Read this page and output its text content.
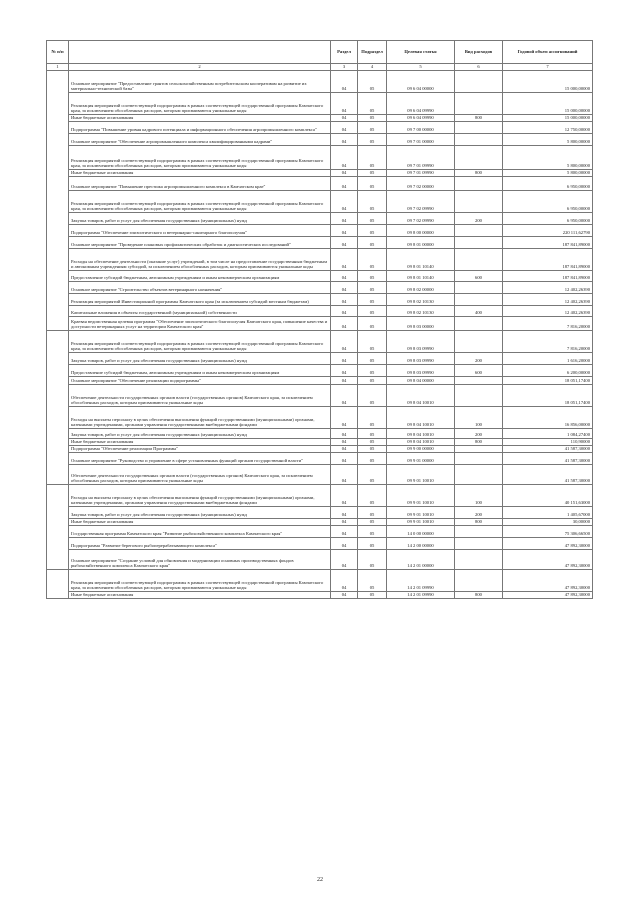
№ п/п		Раздел	Подраздел	Целевая статья	Вид расходов	Годовой объем ассигнований
1	2	3	4	5	6	7
	Основное мероприятие "Предоставление грантов сельскохозяйственным потребительским кооперативам на развитие их материально-технической базы"	04	05	09 6 04 00000		15 000,00000
	Реализация мероприятий соответствующей подпрограммы в рамках соответствующей государственной программы Камчатского края, за исключением обособленных расходов, которым присваиваются уникальные коды	04	05	09 6 04 09990		15 000,00000
	Иные бюджетные ассигнования	04	05	09 6 04 09990	800	15 000,00000
	Подпрограмма "Повышение уровня кадрового потенциала и информационного обеспечения агропромышленного комплекса"	04	05	09 7 00 00000		12 750,00000
	Основное мероприятие "Обеспечение агропромышленного комплекса квалифицированными кадрами"	04	05	09 7 01 00000		5 800,00000
	Реализация мероприятий соответствующей подпрограммы в рамках соответствующей государственной программы Камчатского края, за исключением обособленных расходов, которым присваиваются уникальные коды	04	05	09 7 01 09990		5 800,00000
	Иные бюджетные ассигнования	04	05	09 7 01 09990	800	5 800,00000
	Основное мероприятие "Повышение престижа агропромышленного комплекса в Камчатском крае"	04	05	09 7 02 00000		6 950,00000
	Реализация мероприятий соответствующей подпрограммы в рамках соответствующей государственной программы Камчатского края, за исключением обособленных расходов, которым присваиваются уникальные коды	04	05	09 7 02 09990		6 950,00000
	Закупка товаров, работ и услуг для обеспечения государственных (муниципальных) нужд	04	05	09 7 02 09990	200	6 950,00000
	Подпрограмма "Обеспечение эпизоотического и ветеринарно-санитарного благополучия"	04	05	09 8 00 00000		220 111,62790
	Основное мероприятие "Проведение плановых профилактических обработок и диагностических исследований"	04	05	09 8 01 00000		187 841,89000
	Расходы на обеспечение деятельности (оказание услуг) учреждений, в том числе на предоставление государственным бюджетным и автономным учреждениям субсидий, за исключением обособленных расходов, которым присваиваются уникальные коды	04	05	09 8 01 10140		187 841,89000
	Предоставление субсидий бюджетным, автономным учреждениям и иным некоммерческим организациям	04	05	09 8 01 10140	600	187 841,89000
	Основное мероприятие "Строительство объектов ветеринарного назначения"	04	05	09 8 02 00000		12 402,26390
	Реализация мероприятий Инвестиционной программы Камчатского края (за исключением субсидий местным бюджетам)	04	05	09 8 02 10130		12 402,26390
	Капитальные вложения в объекты государственной (муниципальной) собственности	04	05	09 8 02 10130	400	12 402,26390
	Краевая ведомственная целевая программа "Обеспечение эпизоотического благополучия Камчатского края, повышение качества и доступности ветеринарных услуг на территории Камчатского края"	04	05	09 8 03 00000		7 816,20000
	Реализация мероприятий соответствующей подпрограммы в рамках соответствующей государственной программы Камчатского края, за исключением обособленных расходов, которым присваиваются уникальные коды	04	05	09 8 03 09990		7 816,20000
	Закупка товаров, работ и услуг для обеспечения государственных (муниципальных) нужд	04	05	09 8 03 09990	200	1 616,20000
	Предоставление субсидий бюджетным, автономным учреждениям и иным некоммерческим организациям	04	05	09 8 03 09990	600	6 200,00000
	Основное мероприятие "Обеспечение реализации подпрограммы"	04	05	09 8 04 00000		18 051,17400
	Обеспечение деятельности государственных органов власти (государственных органов) Камчатского края, за исключением обособленных расходов, которым присваиваются уникальные коды	04	05	09 8 04 10010		18 051,17400
	Расходы на выплаты персоналу в целях обеспечения выполнения функций государственными (муниципальными) органами, казенными учреждениями, органами управления государственными внебюджетными фондами	04	05	09 8 04 10010	100	16 856,00000
	Закупка товаров, работ и услуг для обеспечения государственных (муниципальных) нужд	04	05	09 8 04 10010	200	1 084,27400
	Иные бюджетные ассигнования	04	05	09 8 04 10010	800	110,90000
	Подпрограмма "Обеспечение реализации Программы"	04	05	09 9 00 00000		41 587,30000
	Основное мероприятие "Руководство и управление в сфере установленных функций органов государственной власти"	04	05	09 9 01 00000		41 587,30000
	Обеспечение деятельности государственных органов власти (государственных органов) Камчатского края, за исключением обособленных расходов, которым присваиваются уникальные коды	04	05	09 9 01 10010		41 587,30000
	Расходы на выплаты персоналу в целях обеспечения выполнения функций государственными (муниципальными) органами, казенными учреждениями, органами управления государственными внебюджетными фондами	04	05	09 9 01 10010	100	40 151,63000
	Закупка товаров, работ и услуг для обеспечения государственных (муниципальных) нужд	04	05	09 9 01 10010	200	1 405,67000
	Иные бюджетные ассигнования	04	05	09 9 01 10010	800	30,00000
	Государственная программа Камчатского края "Развитие рыбохозяйственного комплекса Камчатского края"	04	05	14 0 00 00000		75 306,66500
	Подпрограмма "Развитие берегового рыбоперерабатывающего комплекса"	04	05	14 2 00 00000		47 892,30000
	Основное мероприятие "Создание условий для обновления и модернизации основных производственных фондов рыбохозяйственного комплекса Камчатского края"	04	05	14 2 01 00000		47 892,30000
	Реализация мероприятий соответствующей подпрограммы в рамках соответствующей государственной программы Камчатского края, за исключением обособленных расходов, которым присваиваются уникальные коды	04	05	14 2 01 09990		47 892,30000
	Иные бюджетные ассигнования	04	05	14 2 01 09990	800	47 892,30000
22
